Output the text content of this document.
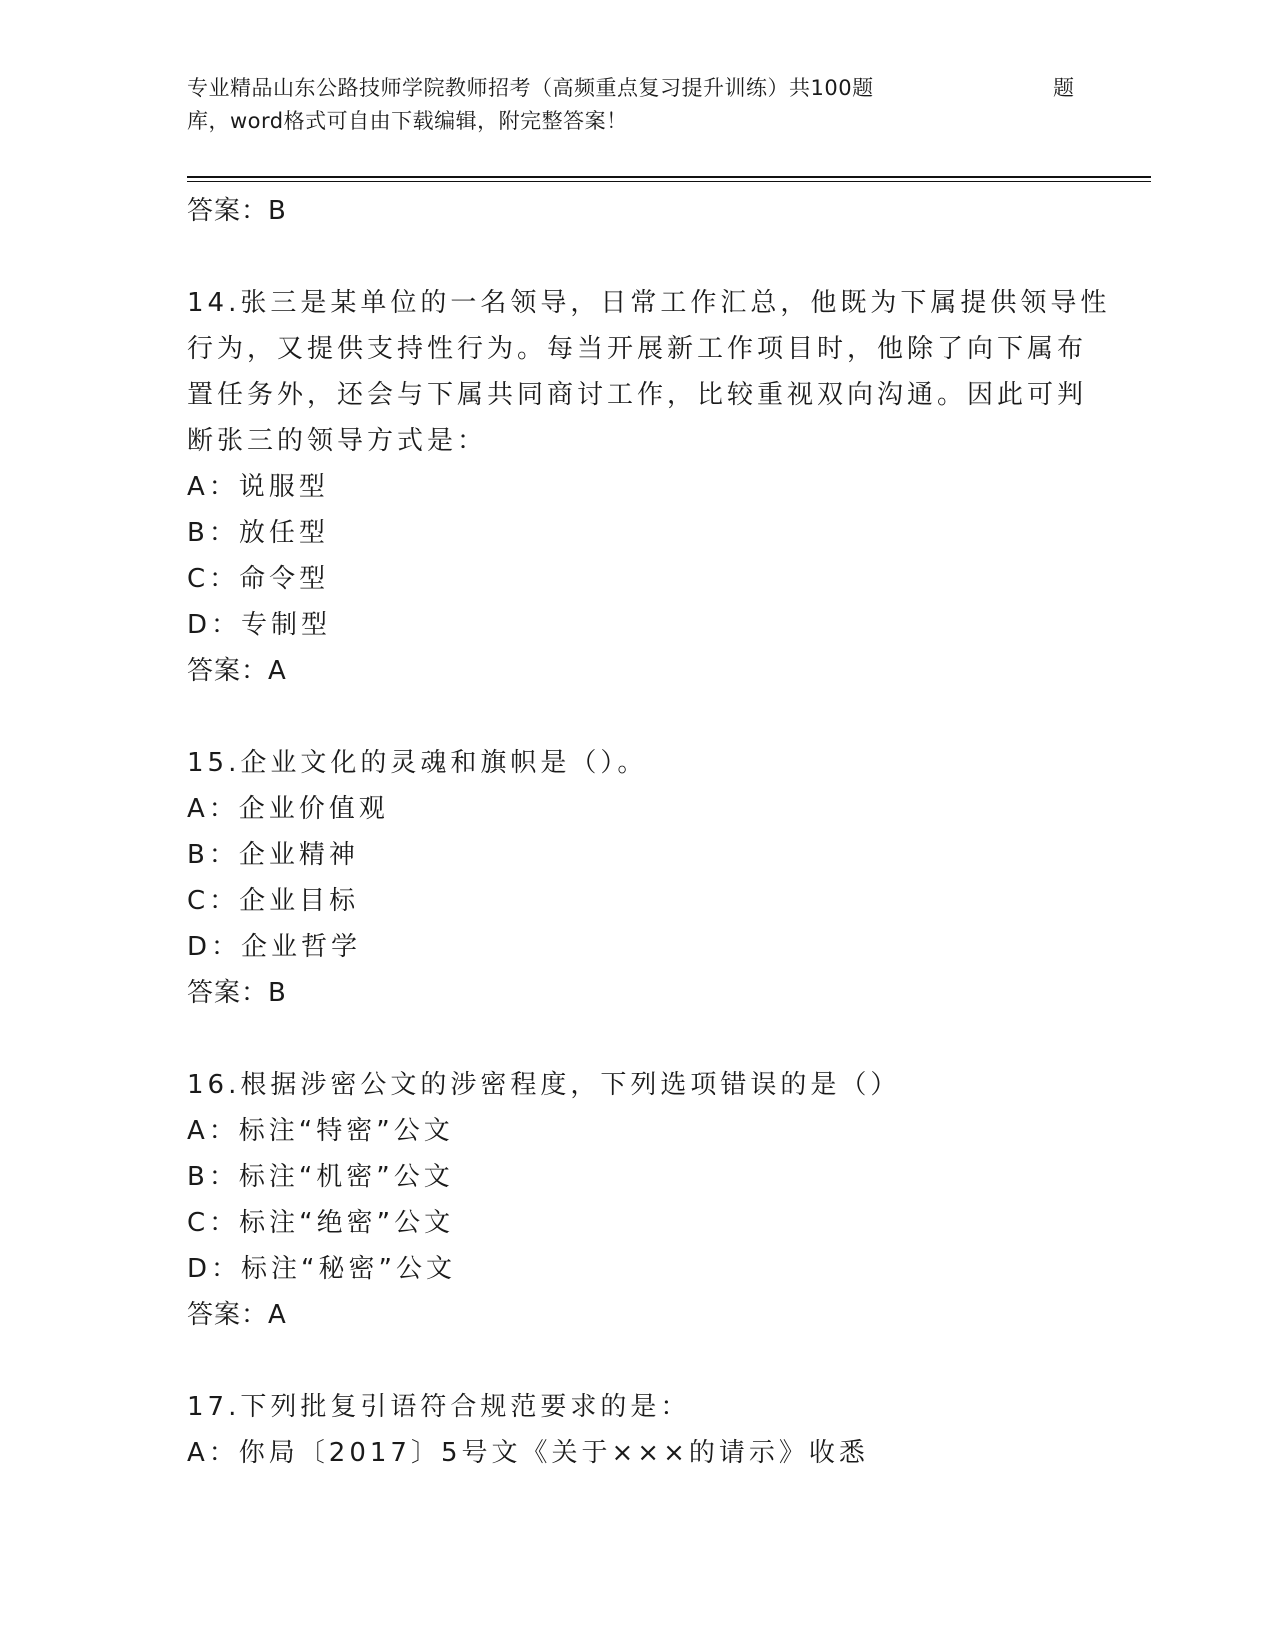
专业精品山东公路技师学院教师招考（高频重点复习提升训练）共100题	题
库，word格式可自由下载编辑，附完整答案！
答案：B
14.张三是某单位的一名领导，日常工作汇总，他既为下属提供领导性
行为，又提供支持性行为。每当开展新工作项目时，他除了向下属布
置任务外，还会与下属共同商讨工作，比较重视双向沟通。因此可判
断张三的领导方式是：
A：说服型
B：放任型
C：命令型
D：专制型
答案：A
15.企业文化的灵魂和旗帜是（）。
A：企业价值观
B：企业精神
C：企业目标
D：企业哲学
答案：B
16.根据涉密公文的涉密程度，下列选项错误的是（）
A：标注“特密”公文
B：标注“机密”公文
C：标注“绝密”公文
D：标注“秘密”公文
答案：A
17.下列批复引语符合规范要求的是：
A：你局〔2017〕5号文《关于×××的请示》收悉
